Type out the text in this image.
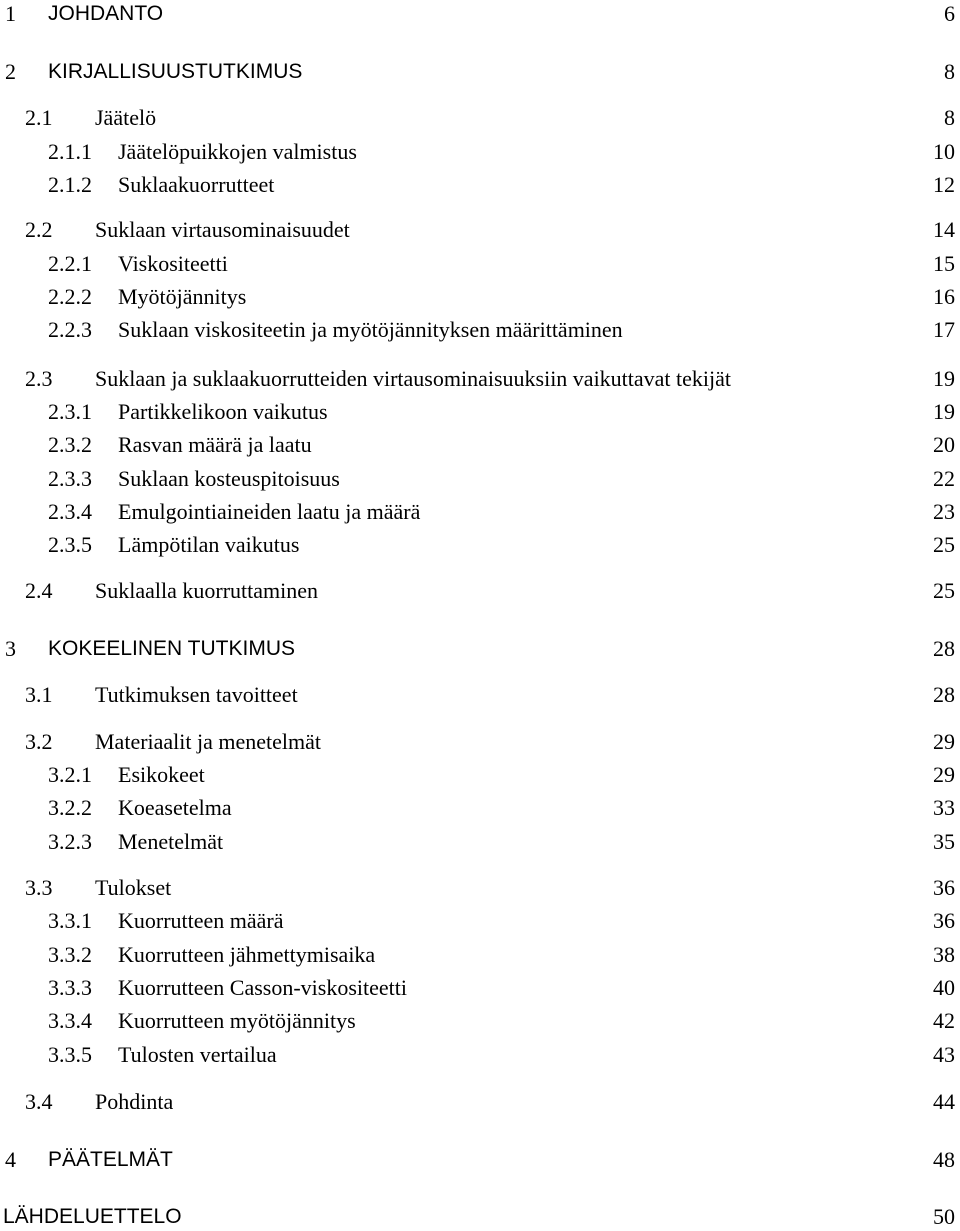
1 JOHDANTO	6
2 KIRJALLISUUSTUTKIMUS	8
2.1 Jäätelö	8
2.1.1 Jäätelöpuikkojen valmistus	10
2.1.2 Suklaakuorrutteet	12
2.2 Suklaan virtausominaisuudet	14
2.2.1 Viskositeetti	15
2.2.2 Myötöjännitys	16
2.2.3 Suklaan viskositeetin ja myötöjännityksen määrittäminen	17
2.3 Suklaan ja suklaakuorrutteiden virtausominaisuuksiin vaikuttavat tekijät	19
2.3.1 Partikkelikoon vaikutus	19
2.3.2 Rasvan määrä ja laatu	20
2.3.3 Suklaan kosteuspitoisuus	22
2.3.4 Emulgointiaineiden laatu ja määrä	23
2.3.5 Lämpötilan vaikutus	25
2.4 Suklaalla kuorruttaminen	25
3 KOKEELINEN TUTKIMUS	28
3.1 Tutkimuksen tavoitteet	28
3.2 Materiaalit ja menetelmät	29
3.2.1 Esikokeet	29
3.2.2 Koeasetelma	33
3.2.3 Menetelmät	35
3.3 Tulokset	36
3.3.1 Kuorrutteen määrä	36
3.3.2 Kuorrutteen jähmettymisaika	38
3.3.3 Kuorrutteen Casson-viskositeetti	40
3.3.4 Kuorrutteen myötöjännitys	42
3.3.5 Tulosten vertailua	43
3.4 Pohdinta	44
4 PÄÄTELMÄT	48
LÄHDELUETTELO	50
